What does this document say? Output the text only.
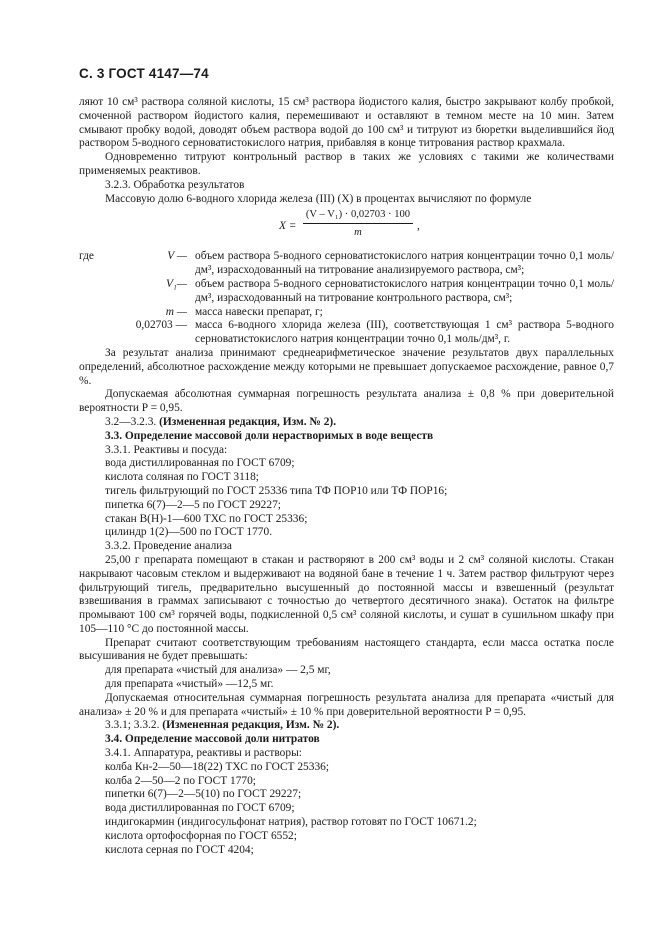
С. 3 ГОСТ 4147—74

ляют 10 см³ раствора соляной кислоты, 15 см³ раствора йодистого калия, быстро закрывают колбу пробкой, смоченной раствором йодистого калия, перемешивают и оставляют в темном месте на 10 мин. Затем смывают пробку водой, доводят объем раствора водой до 100 см³ и титруют из бюретки выделившийся йод раствором 5-водного серноватистокислого натрия, прибавляя в конце титрования раствор крахмала.

Одновременно титруют контрольный раствор в таких же условиях с такими же количествами применяемых реактивов.

3.2.3. Обработка результатов

Массовую долю 6-водного хлорида железа (III) (X) в процентах вычисляют по формуле

$X = \frac{\text{(V – V₁) · 0,02703 · 100}}{m}$ ,

где	V — объем раствора 5-водного серноватистокислого натрия концентрации точно 0,1 моль/дм³, израсходованный на титрование анализируемого раствора, см³;

V₁— объем раствора 5-водного серноватистокислого натрия концентрации точно 0,1 моль/дм³, израсходованный на титрование контрольного раствора, см³;

m — масса навески препарат, г;

0,02703 — масса 6-водного хлорида железа (III), соответствующая 1 см³ раствора 5-водного серноватистокислого натрия концентрации точно 0,1 моль/дм³, г.

За результат анализа принимают среднеарифметическое значение результатов двух параллельных определений, абсолютное расхождение между которыми не превышает допускаемое расхождение, равное 0,7 %.

Допускаемая абсолютная суммарная погрешность результата анализа ± 0,8 % при доверительной вероятности P = 0,95.

3.2—3.2.3. (Измененная редакция, Изм. № 2).

3.3. Определение массовой доли нерастворимых в воде веществ

3.3.1. Реактивы и посуда:

вода дистиллированная по ГОСТ 6709;

кислота соляная по ГОСТ 3118;

тигель фильтрующий по ГОСТ 25336 типа ТФ ПОР10 или ТФ ПОР16;

пипетка 6(7)—2—5 по ГОСТ 29227;

стакан В(Н)-1—600 ТХС по ГОСТ 25336;

цилиндр 1(2)—500 по ГОСТ 1770.

3.3.2. Проведение анализа

25,00 г препарата помещают в стакан и растворяют в 200 см³ воды и 2 см³ соляной кислоты. Стакан накрывают часовым стеклом и выдерживают на водяной бане в течение 1 ч. Затем раствор фильтруют через фильтрующий тигель, предварительно высушенный до постоянной массы и взвешенный (результат взвешивания в граммах записывают с точностью до четвертого десятичного знака). Остаток на фильтре промывают 100 см³ горячей воды, подкисленной 0,5 см³ соляной кислоты, и сушат в сушильном шкафу при 105—110 °С до постоянной массы.

Препарат считают соответствующим требованиям настоящего стандарта, если масса остатка после высушивания не будет превышать:

для препарата «чистый для анализа» — 2,5 мг,

для препарата «чистый» —12,5 мг.

Допускаемая относительная суммарная погрешность результата анализа для препарата «чистый для анализа» ± 20 % и для препарата «чистый» ± 10 % при доверительной вероятности P = 0,95.

3.3.1; 3.3.2. (Измененная редакция, Изм. № 2).

3.4. Определение массовой доли нитратов

3.4.1. Аппаратура, реактивы и растворы:

колба Кн-2—50—18(22) ТХС по ГОСТ 25336;

колба 2—50—2 по ГОСТ 1770;

пипетки 6(7)—2—5(10) по ГОСТ 29227;

вода дистиллированная по ГОСТ 6709;

индигокармин (индигосульфонат натрия), раствор готовят по ГОСТ 10671.2;

кислота ортофосфорная по ГОСТ 6552;

кислота серная по ГОСТ 4204;
